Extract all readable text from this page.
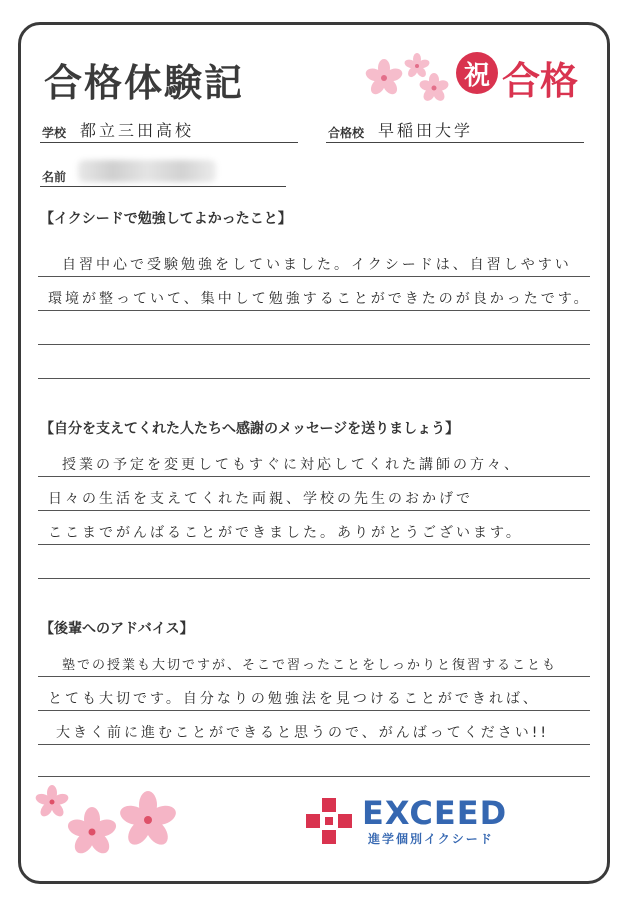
合格体験記	祝 合格
学校 都立三田高校	合格校 早稲田大学
名前
【イクシードで勉強してよかったこと】
自習中心で受験勉強をしていました。イクシードは、自習しやすい
環境が整っていて、集中して勉強することができたのが良かったです。
【自分を支えてくれた人たちへ感謝のメッセージを送りましょう】
授業の予定を変更してもすぐに対応してくれた講師の方々、
日々の生活を支えてくれた両親、学校の先生のおかげで
ここまでがんばることができました。ありがとうございます。
【後輩へのアドバイス】
塾での授業も大切ですが、そこで習ったことをしっかりと復習することも
とても大切です。自分なりの勉強法を見つけることができれば、
大きく前に進むことができると思うので、がんばってください!!
EXCEED
進学個別イクシード
